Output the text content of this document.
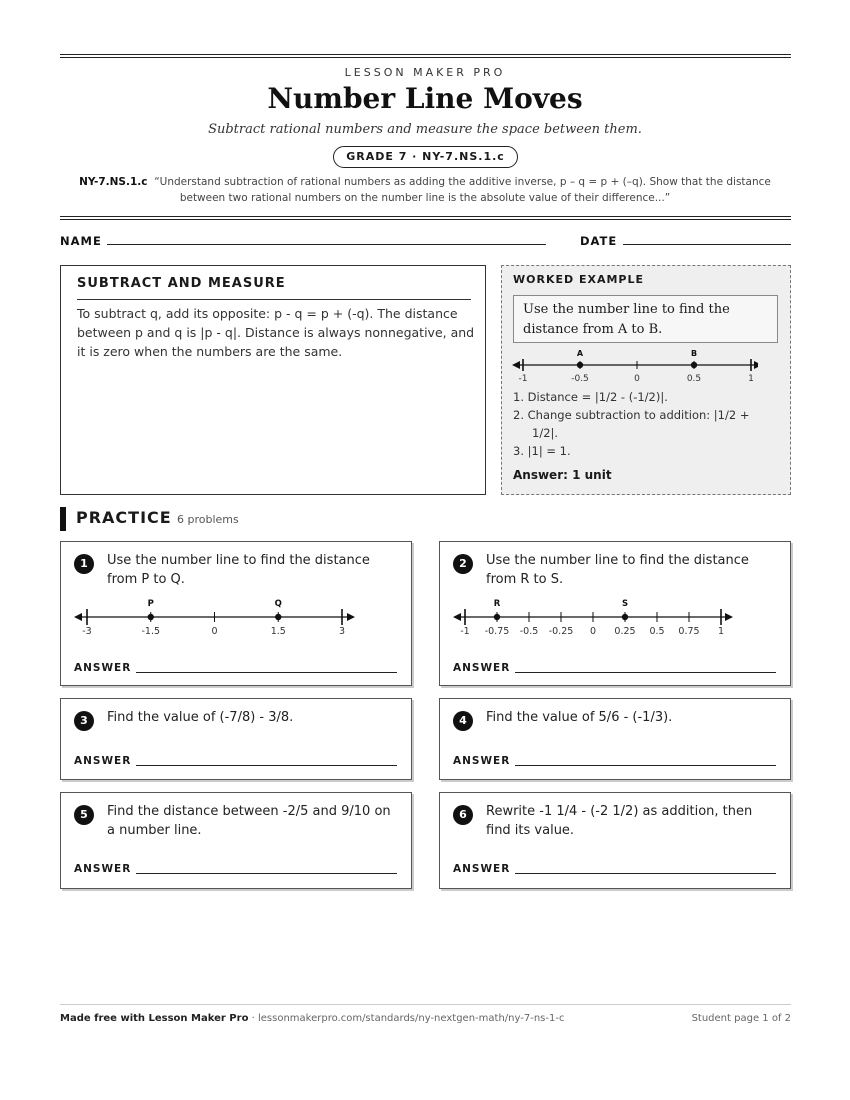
LESSON MAKER PRO
Number Line Moves
Subtract rational numbers and measure the space between them.
GRADE 7 · NY-7.NS.1.c
NY-7.NS.1.c “Understand subtraction of rational numbers as adding the additive inverse, p – q = p + (–q). Show that the distance between two rational numbers on the number line is the absolute value of their difference...”
NAME	DATE
SUBTRACT AND MEASURE
To subtract q, add its opposite: p - q = p + (-q). The distance between p and q is |p - q|. Distance is always nonnegative, and it is zero when the numbers are the same.
WORKED EXAMPLE
Use the number line to find the distance from A to B.
-1	-0.5	0	0.5	1
A	B
1. Distance = |1/2 - (-1/2)|.
2. Change subtraction to addition: |1/2 +
1/2|.
3. |1| = 1.
Answer: 1 unit
PRACTICE 6 problems
1	Use the number line to find the distance from P to Q.
-3	-1.5	0	1.5	3
P	Q
ANSWER
2	Use the number line to find the distance from R to S.
-1 -0.75 -0.5 -0.25 0 0.25 0.5 0.75 1
R	S
ANSWER
3	Find the value of (-7/8) - 3/8.
ANSWER
4	Find the value of 5/6 - (-1/3).
ANSWER
5	Find the distance between -2/5 and 9/10 on a number line.
ANSWER
6	Rewrite -1 1/4 - (-2 1/2) as addition, then find its value.
ANSWER
Made free with Lesson Maker Pro · lessonmakerpro.com/standards/ny-nextgen-math/ny-7-ns-1-c	Student page 1 of 2
